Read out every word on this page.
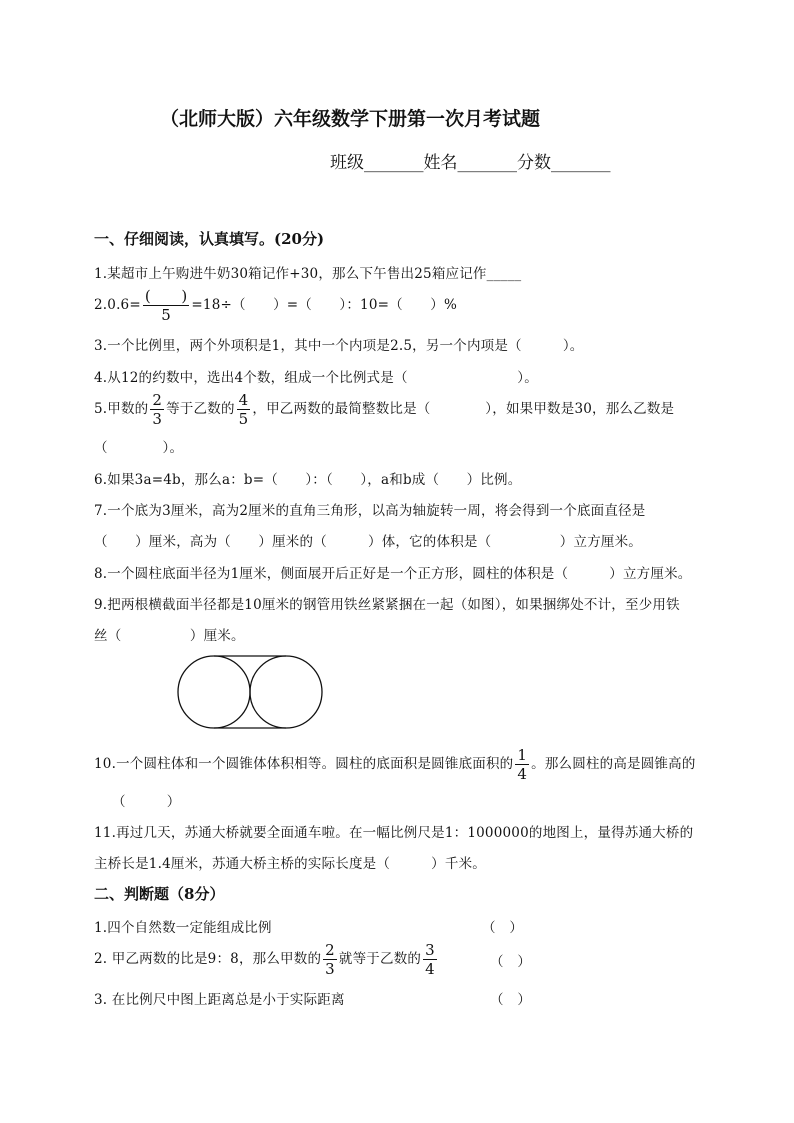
（北师大版）六年级数学下册第一次月考试题
班级_______姓名_______分数_______
一、仔细阅读，认真填写。(20分)
1.某超市上午购进牛奶30箱记作+30，那么下午售出25箱应记作_____
$2.0.6= \frac{( )}{5} =18\div$（　　）=（　　）：10=（　　）%
3.一个比例里，两个外项积是1，其中一个内项是2.5，另一个内项是（　　　）。
4.从12的约数中，选出4个数，组成一个比例式是（　　　　　　　　）。
5.甲数的 $\frac{2}{3}$ 等于乙数的 $\frac{4}{5}$ ，甲乙两数的最简整数比是（　　　　），如果甲数是30，那么乙数是
（　　　　）。
6.如果3a=4b，那么a：b=（　　）：（　　），a和b成（　　）比例。
7.一个底为3厘米，高为2厘米的直角三角形，以高为轴旋转一周，将会得到一个底面直径是
（　　）厘米，高为（　　）厘米的（　　　）体，它的体积是（　　　　　）立方厘米。
8.一个圆柱底面半径为1厘米，侧面展开后正好是一个正方形，圆柱的体积是（　　　）立方厘米。
9.把两根横截面半径都是10厘米的钢管用铁丝紧紧捆在一起（如图），如果捆绑处不计，至少用铁
丝（　　　　　）厘米。
10.一个圆柱体和一个圆锥体体积相等。圆柱的底面积是圆锥底面积的 $\frac{1}{4}$ 。那么圆柱的高是圆锥高的
（　　　）
11.再过几天，苏通大桥就要全面通车啦。在一幅比例尺是1：1000000的地图上，量得苏通大桥的
主桥长是1.4厘米，苏通大桥主桥的实际长度是（　　　）千米。
二、判断题（8分）
1.四个自然数一定能组成比例	（　）
2. 甲乙两数的比是9：8，那么甲数的 $\frac{2}{3}$ 就等于乙数的 $\frac{3}{4}$	（　）
3. 在比例尺中图上距离总是小于实际距离	（　）
